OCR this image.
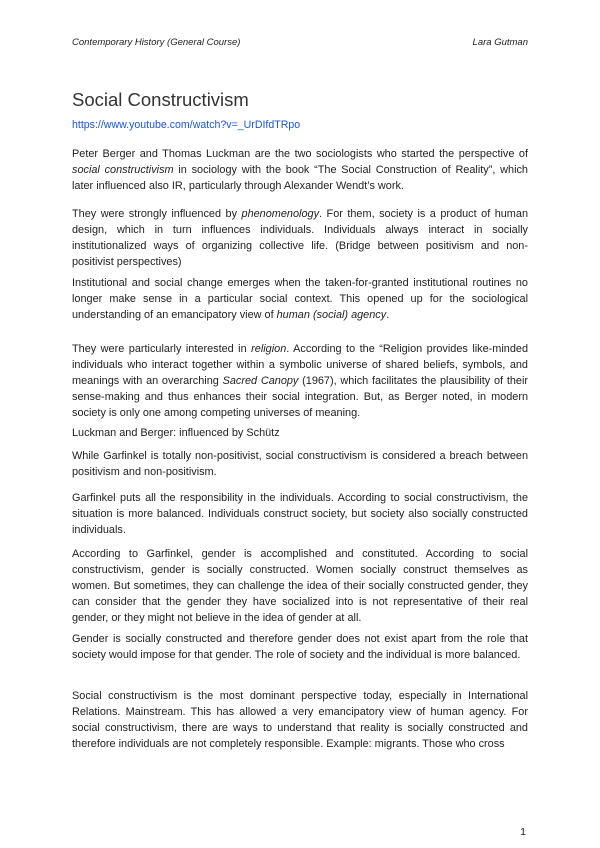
Contemporary History (General Course)	Lara Gutman
Social Constructivism
https://www.youtube.com/watch?v=_UrDIfdTRpo

Peter Berger and Thomas Luckman are the two sociologists who started the perspective of social constructivism in sociology with the book “The Social Construction of Reality”, which later influenced also IR, particularly through Alexander Wendt’s work.

They were strongly influenced by phenomenology. For them, society is a product of human design, which in turn influences individuals. Individuals always interact in socially institutionalized ways of organizing collective life. (Bridge between positivism and non-positivist perspectives)

Institutional and social change emerges when the taken-for-granted institutional routines no longer make sense in a particular social context. This opened up for the sociological understanding of an emancipatory view of human (social) agency.

They were particularly interested in religion. According to the “Religion provides like-minded individuals who interact together within a symbolic universe of shared beliefs, symbols, and meanings with an overarching Sacred Canopy (1967), which facilitates the plausibility of their sense-making and thus enhances their social integration. But, as Berger noted, in modern society is only one among competing universes of meaning.

Luckman and Berger: influenced by Schütz

While Garfinkel is totally non-positivist, social constructivism is considered a breach between positivism and non-positivism.

Garfinkel puts all the responsibility in the individuals. According to social constructivism, the situation is more balanced. Individuals construct society, but society also socially constructed individuals.

According to Garfinkel, gender is accomplished and constituted. According to social constructivism, gender is socially constructed. Women socially construct themselves as women. But sometimes, they can challenge the idea of their socially constructed gender, they can consider that the gender they have socialized into is not representative of their real gender, or they might not believe in the idea of gender at all.

Gender is socially constructed and therefore gender does not exist apart from the role that society would impose for that gender. The role of society and the individual is more balanced.

Social constructivism is the most dominant perspective today, especially in International Relations. Mainstream. This has allowed a very emancipatory view of human agency. For social constructivism, there are ways to understand that reality is socially constructed and therefore individuals are not completely responsible. Example: migrants. Those who cross

1
